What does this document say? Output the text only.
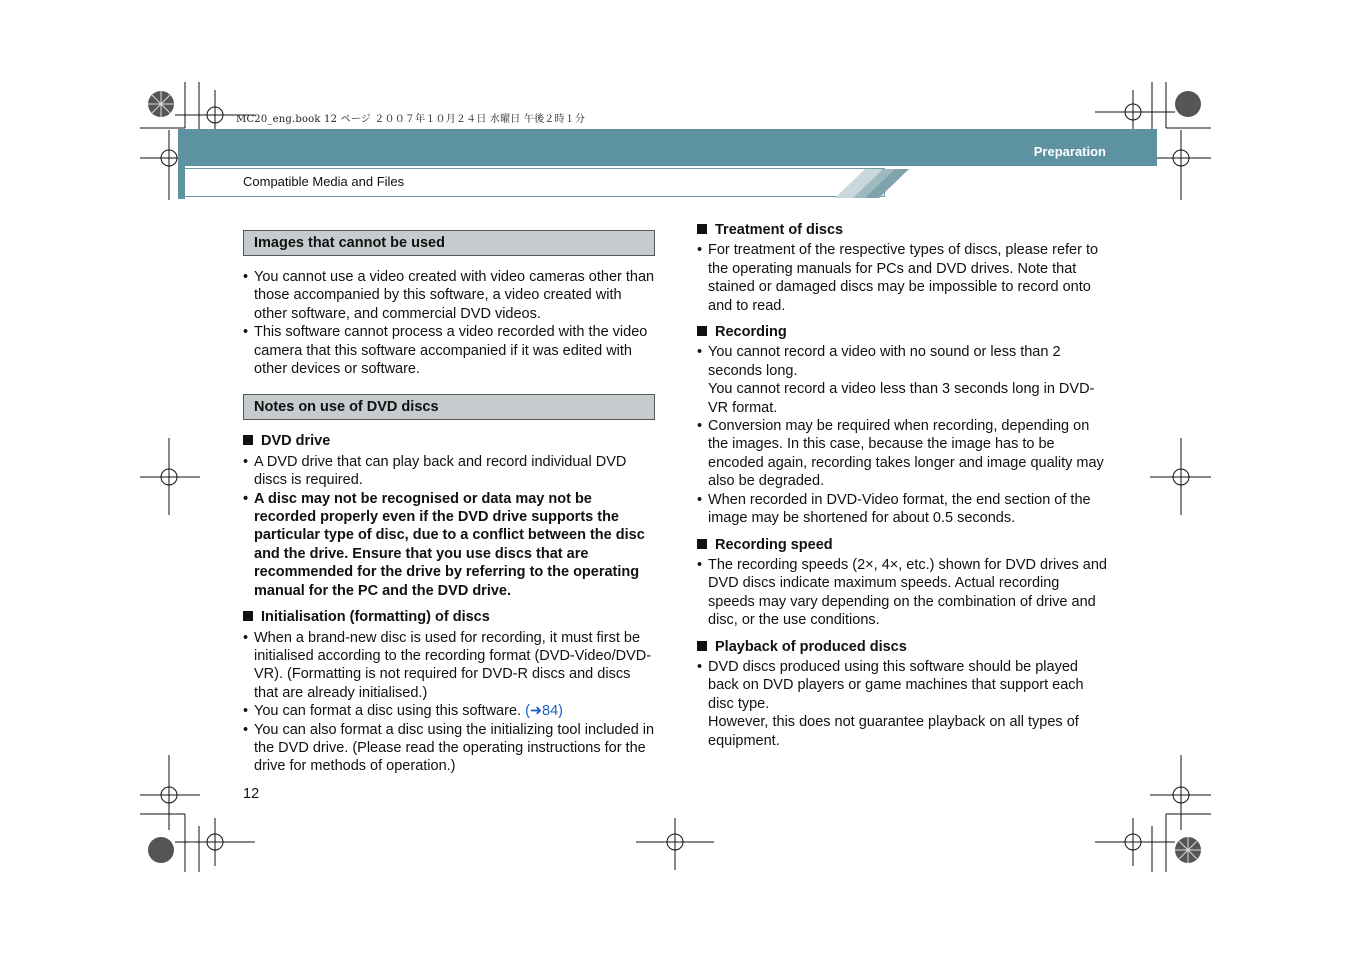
MC20_eng.book 12 ページ ２００７年１０月２４日 水曜日 午後２時１分
Preparation
Compatible Media and Files
Images that cannot be used
• You cannot use a video created with video cameras other than those accompanied by this software, a video created with other software, and commercial DVD videos.
• This software cannot process a video recorded with the video camera that this software accompanied if it was edited with other devices or software.
Notes on use of DVD discs
DVD drive
• A DVD drive that can play back and record individual DVD discs is required.
• A disc may not be recognised or data may not be recorded properly even if the DVD drive supports the particular type of disc, due to a conflict between the disc and the drive. Ensure that you use discs that are recommended for the drive by referring to the operating manual for the PC and the DVD drive.
Initialisation (formatting) of discs
• When a brand-new disc is used for recording, it must first be initialised according to the recording format (DVD-Video/DVD-VR). (Formatting is not required for DVD-R discs and discs that are already initialised.)
• You can format a disc using this software. (➜84)
• You can also format a disc using the initializing tool included in the DVD drive. (Please read the operating instructions for the drive for methods of operation.)
Treatment of discs
• For treatment of the respective types of discs, please refer to the operating manuals for PCs and DVD drives. Note that stained or damaged discs may be impossible to record onto and to read.
Recording
• You cannot record a video with no sound or less than 2 seconds long.
You cannot record a video less than 3 seconds long in DVD-VR format.
• Conversion may be required when recording, depending on the images. In this case, because the image has to be encoded again, recording takes longer and image quality may also be degraded.
• When recorded in DVD-Video format, the end section of the image may be shortened for about 0.5 seconds.
Recording speed
• The recording speeds (2×, 4×, etc.) shown for DVD drives and DVD discs indicate maximum speeds. Actual recording speeds may vary depending on the combination of drive and disc, or the use conditions.
Playback of produced discs
• DVD discs produced using this software should be played back on DVD players or game machines that support each disc type.
However, this does not guarantee playback on all types of equipment.
12
